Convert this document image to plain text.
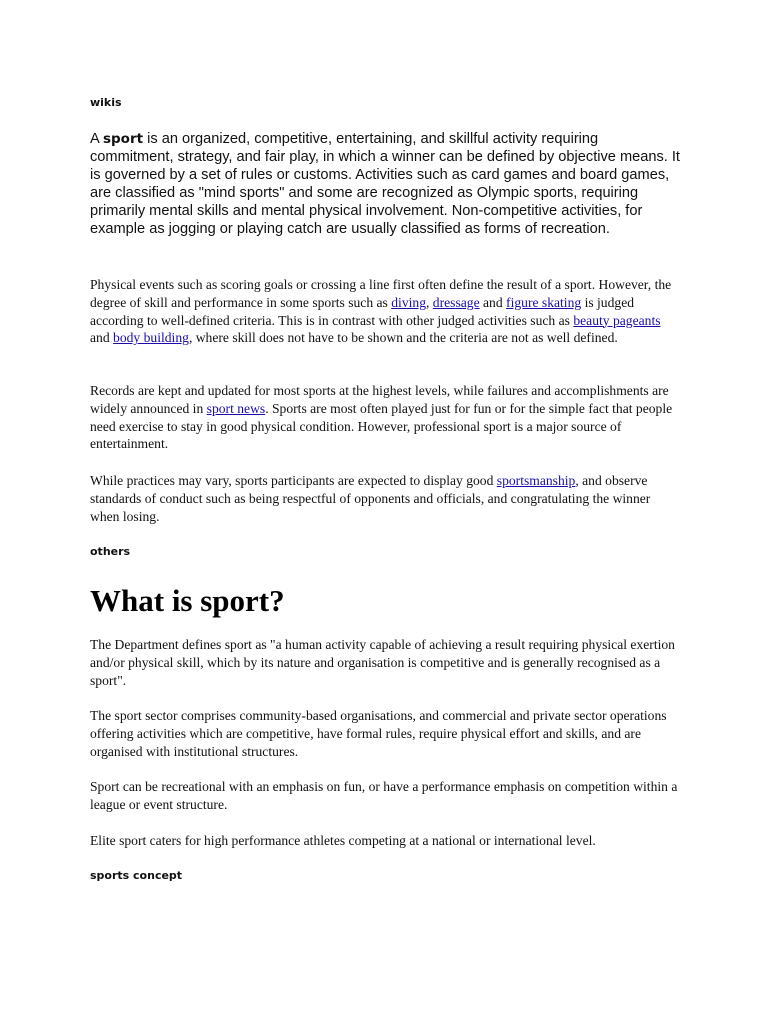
wikis

A sport is an organized, competitive, entertaining, and skillful activity requiring commitment, strategy, and fair play, in which a winner can be defined by objective means. It is governed by a set of rules or customs. Activities such as card games and board games, are classified as "mind sports" and some are recognized as Olympic sports, requiring primarily mental skills and mental physical involvement. Non-competitive activities, for example as jogging or playing catch are usually classified as forms of recreation.

Physical events such as scoring goals or crossing a line first often define the result of a sport. However, the degree of skill and performance in some sports such as diving, dressage and figure skating is judged according to well-defined criteria. This is in contrast with other judged activities such as beauty pageants and body building, where skill does not have to be shown and the criteria are not as well defined.

Records are kept and updated for most sports at the highest levels, while failures and accomplishments are widely announced in sport news. Sports are most often played just for fun or for the simple fact that people need exercise to stay in good physical condition. However, professional sport is a major source of entertainment.

While practices may vary, sports participants are expected to display good sportsmanship, and observe standards of conduct such as being respectful of opponents and officials, and congratulating the winner when losing.

others
What is sport?

The Department defines sport as "a human activity capable of achieving a result requiring physical exertion and/or physical skill, which by its nature and organisation is competitive and is generally recognised as a sport".

The sport sector comprises community-based organisations, and commercial and private sector operations offering activities which are competitive, have formal rules, require physical effort and skills, and are organised with institutional structures.

Sport can be recreational with an emphasis on fun, or have a performance emphasis on competition within a league or event structure.

Elite sport caters for high performance athletes competing at a national or international level.

sports concept
